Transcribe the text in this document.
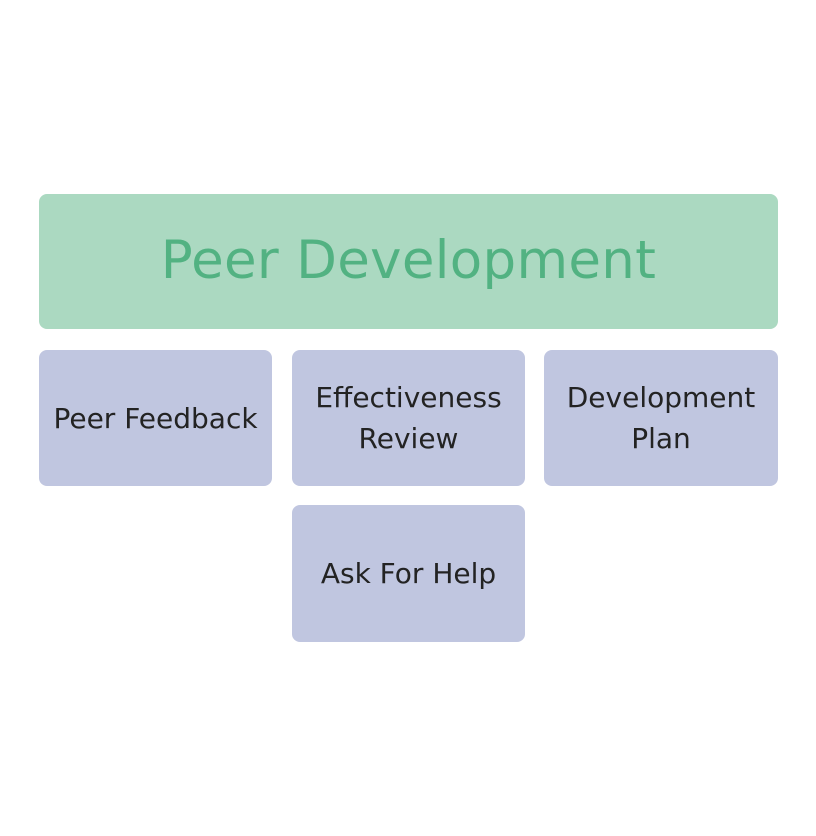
Peer Development
Peer Feedback
Effectiveness
Review
Development
Plan
Ask For Help
